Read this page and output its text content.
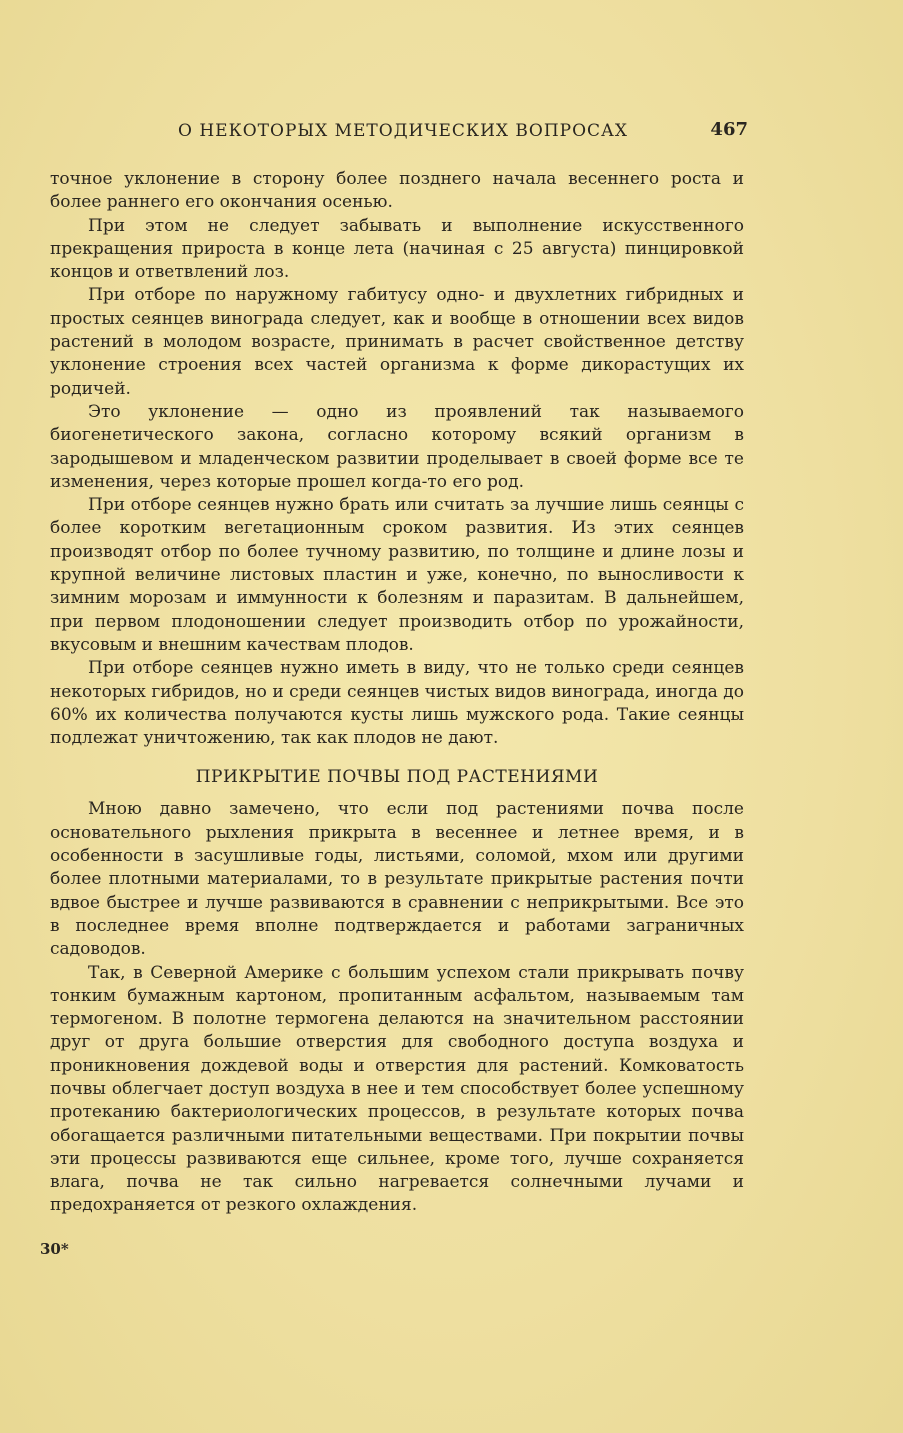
О НЕКОТОРЫХ МЕТОДИЧЕСКИХ ВОПРОСАХ	467

точное уклонение в сторону более позднего начала весеннего роста и более раннего его окончания осенью.

При этом не следует забывать и выполнение искусственного прекращения прироста в конце лета (начиная с 25 августа) пинцировкой концов и ответвлений лоз.

При отборе по наружному габитусу одно- и двухлетних гибридных и простых сеянцев винограда следует, как и вообще в отношении всех видов растений в молодом возрасте, принимать в расчет свойственное детству уклонение строения всех частей организма к форме дикорастущих их родичей.

Это уклонение — одно из проявлений так называемого биогенетического закона, согласно которому всякий организм в зародышевом и младенческом развитии проделывает в своей форме все те изменения, через которые прошел когда-то его род.

При отборе сеянцев нужно брать или считать за лучшие лишь сеянцы с более коротким вегетационным сроком развития. Из этих сеянцев производят отбор по более тучному развитию, по толщине и длине лозы и крупной величине листовых пластин и уже, конечно, по выносливости к зимним морозам и иммунности к болезням и паразитам. В дальнейшем, при первом плодоношении следует производить отбор по урожайности, вкусовым и внешним качествам плодов.

При отборе сеянцев нужно иметь в виду, что не только среди сеянцев некоторых гибридов, но и среди сеянцев чистых видов винограда, иногда до 60% их количества получаются кусты лишь мужского рода. Такие сеянцы подлежат уничтожению, так как плодов не дают.

ПРИКРЫТИЕ ПОЧВЫ ПОД РАСТЕНИЯМИ

Мною давно замечено, что если под растениями почва после основательного рыхления прикрыта в весеннее и летнее время, и в особенности в засушливые годы, листьями, соломой, мхом или другими более плотными материалами, то в результате прикрытые растения почти вдвое быстрее и лучше развиваются в сравнении с неприкрытыми. Все это в последнее время вполне подтверждается и работами заграничных садоводов.

Так, в Северной Америке с большим успехом стали прикрывать почву тонким бумажным картоном, пропитанным асфальтом, называемым там термогеном. В полотне термогена делаются на значительном расстоянии друг от друга большие отверстия для свободного доступа воздуха и проникновения дождевой воды и отверстия для растений. Комковатость почвы облегчает доступ воздуха в нее и тем способствует более успешному протеканию бактериологических процессов, в результате которых почва обогащается различными питательными веществами. При покрытии почвы эти процессы развиваются еще сильнее, кроме того, лучше сохраняется влага, почва не так сильно нагревается солнечными лучами и предохраняется от резкого охлаждения.

30*
